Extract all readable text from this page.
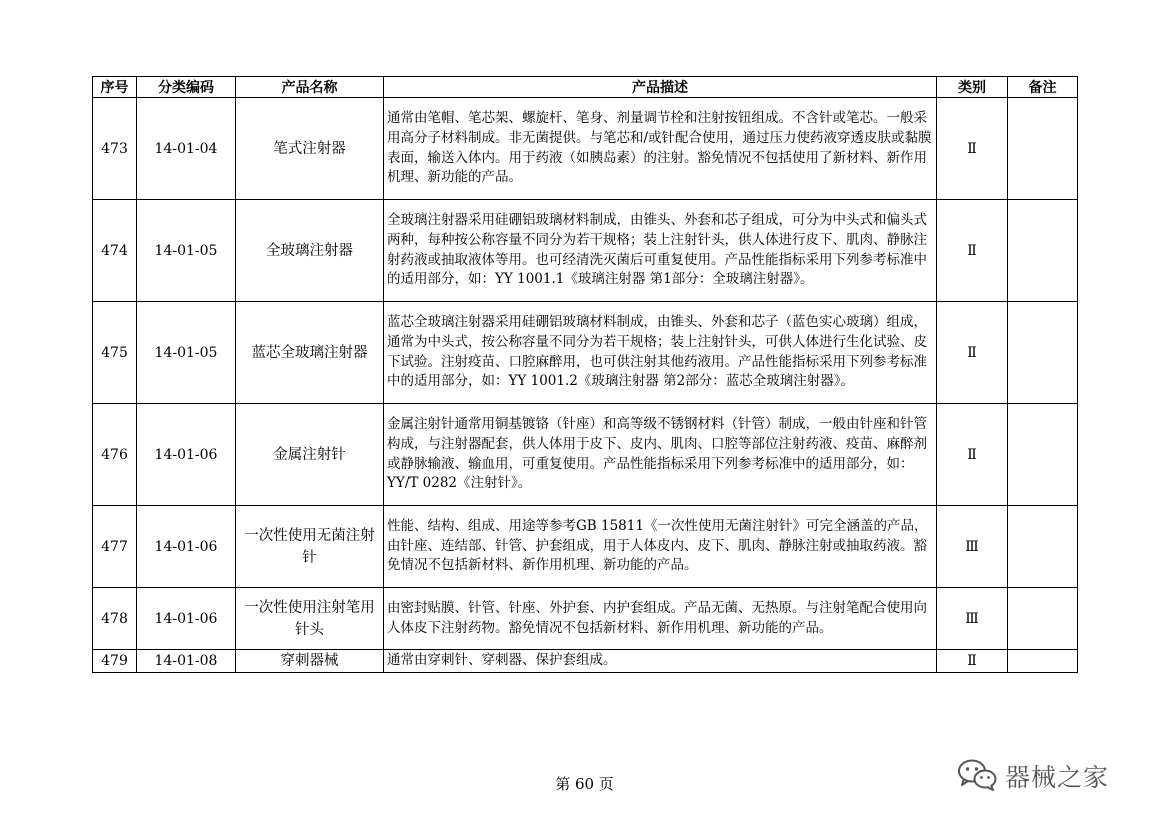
序号	分类编码	产品名称	产品描述	类别	备注
473	14-01-04	笔式注射器	通常由笔帽、笔芯架、螺旋杆、笔身、剂量调节栓和注射按钮组成。不含针或笔芯。一般采用高分子材料制成。非无菌提供。与笔芯和/或针配合使用，通过压力使药液穿透皮肤或黏膜表面，输送入体内。用于药液（如胰岛素）的注射。豁免情况不包括使用了新材料、新作用机理、新功能的产品。	Ⅱ	
474	14-01-05	全玻璃注射器	全玻璃注射器采用硅硼铝玻璃材料制成，由锥头、外套和芯子组成，可分为中头式和偏头式两种，每种按公称容量不同分为若干规格；装上注射针头，供人体进行皮下、肌肉、静脉注射药液或抽取液体等用。也可经清洗灭菌后可重复使用。产品性能指标采用下列参考标准中的适用部分，如：YY 1001.1《玻璃注射器 第1部分：全玻璃注射器》。	Ⅱ	
475	14-01-05	蓝芯全玻璃注射器	蓝芯全玻璃注射器采用硅硼铝玻璃材料制成，由锥头、外套和芯子（蓝色实心玻璃）组成，通常为中头式，按公称容量不同分为若干规格；装上注射针头，可供人体进行生化试验、皮下试验。注射疫苗、口腔麻醉用，也可供注射其他药液用。产品性能指标采用下列参考标准中的适用部分，如：YY 1001.2《玻璃注射器 第2部分：蓝芯全玻璃注射器》。	Ⅱ	
476	14-01-06	金属注射针	金属注射针通常用铜基镀铬（针座）和高等级不锈钢材料（针管）制成，一般由针座和针管构成，与注射器配套，供人体用于皮下、皮内、肌肉、口腔等部位注射药液、疫苗、麻醉剂或静脉输液、输血用，可重复使用。产品性能指标采用下列参考标准中的适用部分，如： YY/T 0282《注射针》。	Ⅱ	
477	14-01-06	一次性使用无菌注射针	性能、结构、组成、用途等参考GB 15811《一次性使用无菌注射针》可完全涵盖的产品，由针座、连结部、针管、护套组成，用于人体皮内、皮下、肌肉、静脉注射或抽取药液。豁免情况不包括新材料、新作用机理、新功能的产品。	Ⅲ	
478	14-01-06	一次性使用注射笔用针头	由密封贴膜、针管、针座、外护套、内护套组成。产品无菌、无热原。与注射笔配合使用向人体皮下注射药物。豁免情况不包括新材料、新作用机理、新功能的产品。	Ⅲ	
479	14-01-08	穿刺器械	通常由穿刺针、穿刺器、保护套组成。	Ⅱ	
第 60 页	器械之家
